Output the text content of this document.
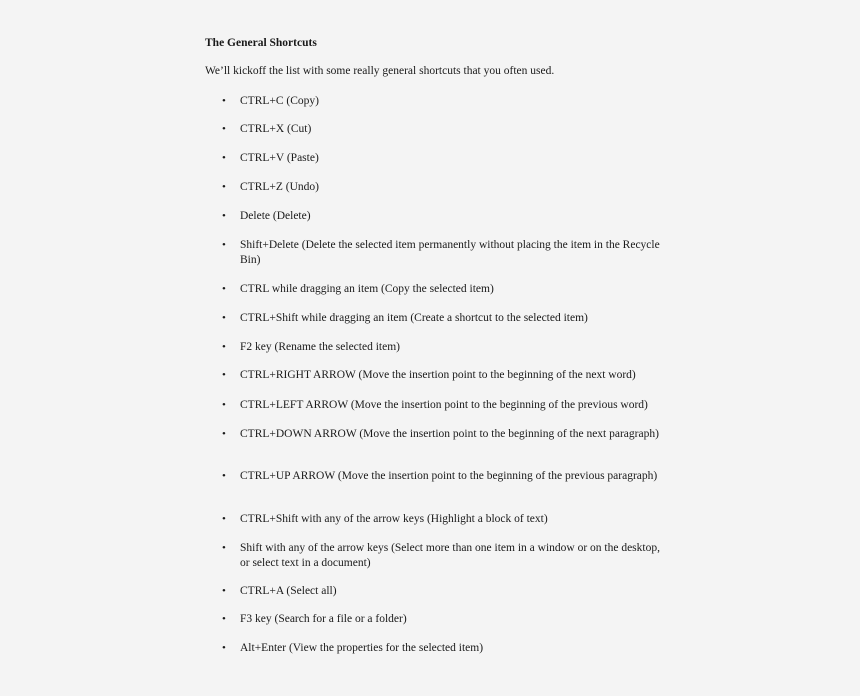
The General Shortcuts

We’ll kickoff the list with some really general shortcuts that you often used.

• CTRL+C (Copy)
• CTRL+X (Cut)
• CTRL+V (Paste)
• CTRL+Z (Undo)
• Delete (Delete)
• Shift+Delete (Delete the selected item permanently without placing the item in the Recycle Bin)
• CTRL while dragging an item (Copy the selected item)
• CTRL+Shift while dragging an item (Create a shortcut to the selected item)
• F2 key (Rename the selected item)
• CTRL+RIGHT ARROW (Move the insertion point to the beginning of the next word)
• CTRL+LEFT ARROW (Move the insertion point to the beginning of the previous word)
• CTRL+DOWN ARROW (Move the insertion point to the beginning of the next paragraph)
• CTRL+UP ARROW (Move the insertion point to the beginning of the previous paragraph)
• CTRL+Shift with any of the arrow keys (Highlight a block of text)
• Shift with any of the arrow keys (Select more than one item in a window or on the desktop, or select text in a document)
• CTRL+A (Select all)
• F3 key (Search for a file or a folder)
• Alt+Enter (View the properties for the selected item)
